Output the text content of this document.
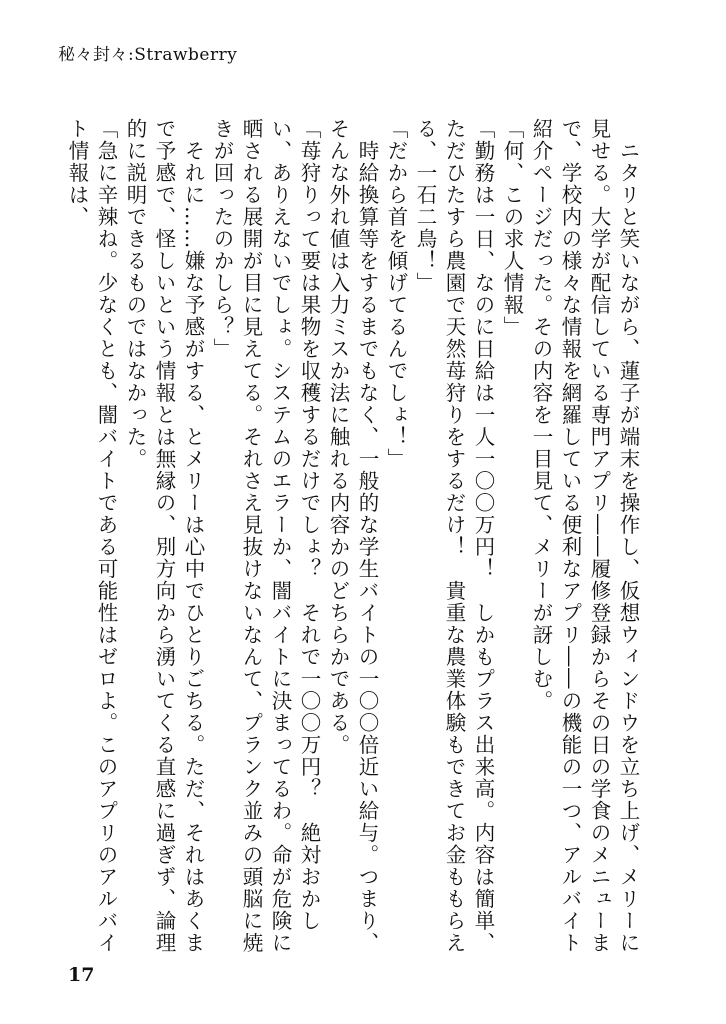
秘々封々:Strawberry

　ニタリと笑いながら、蓮子が端末を操作し、仮想ウィンドウを立ち上げ、メリーに見せる。大学が配信している専門アプリ――履修登録からその日の学食のメニューまで、学校内の様々な情報を網羅している便利なアプリ――の機能の一つ、アルバイト紹介ページだった。その内容を一目見て、メリーが訝しむ。

「何、この求人情報」

「勤務は一日、なのに日給は一人一〇〇万円！　しかもプラス出来高。内容は簡単、ただひたすら農園で天然苺狩りをするだけ！　貴重な農業体験もできてお金ももらえる、一石二鳥！」

「だから首を傾げてるんでしょ！」

　時給換算等をするまでもなく、一般的な学生バイトの一〇〇倍近い給与。つまり、そんな外れ値は入力ミスか法に触れる内容かのどちらかである。

「苺狩りって要は果物を収穫するだけでしょ？　それで一〇〇万円？　絶対おかしい、ありえないでしょ。システムのエラーか、闇バイトに決まってるわ。命が危険に晒される展開が目に見えてる。それさえ見抜けないなんて、プランク並みの頭脳に焼きが回ったのかしら？」

　それに……嫌な予感がする、とメリーは心中でひとりごちる。ただ、それはあくまで予感で、怪しいという情報とは無縁の、別方向から湧いてくる直感に過ぎず、論理的に説明できるものではなかった。

「急に辛辣ね。少なくとも、闇バイトである可能性はゼロよ。このアプリのアルバイト情報は、

17
